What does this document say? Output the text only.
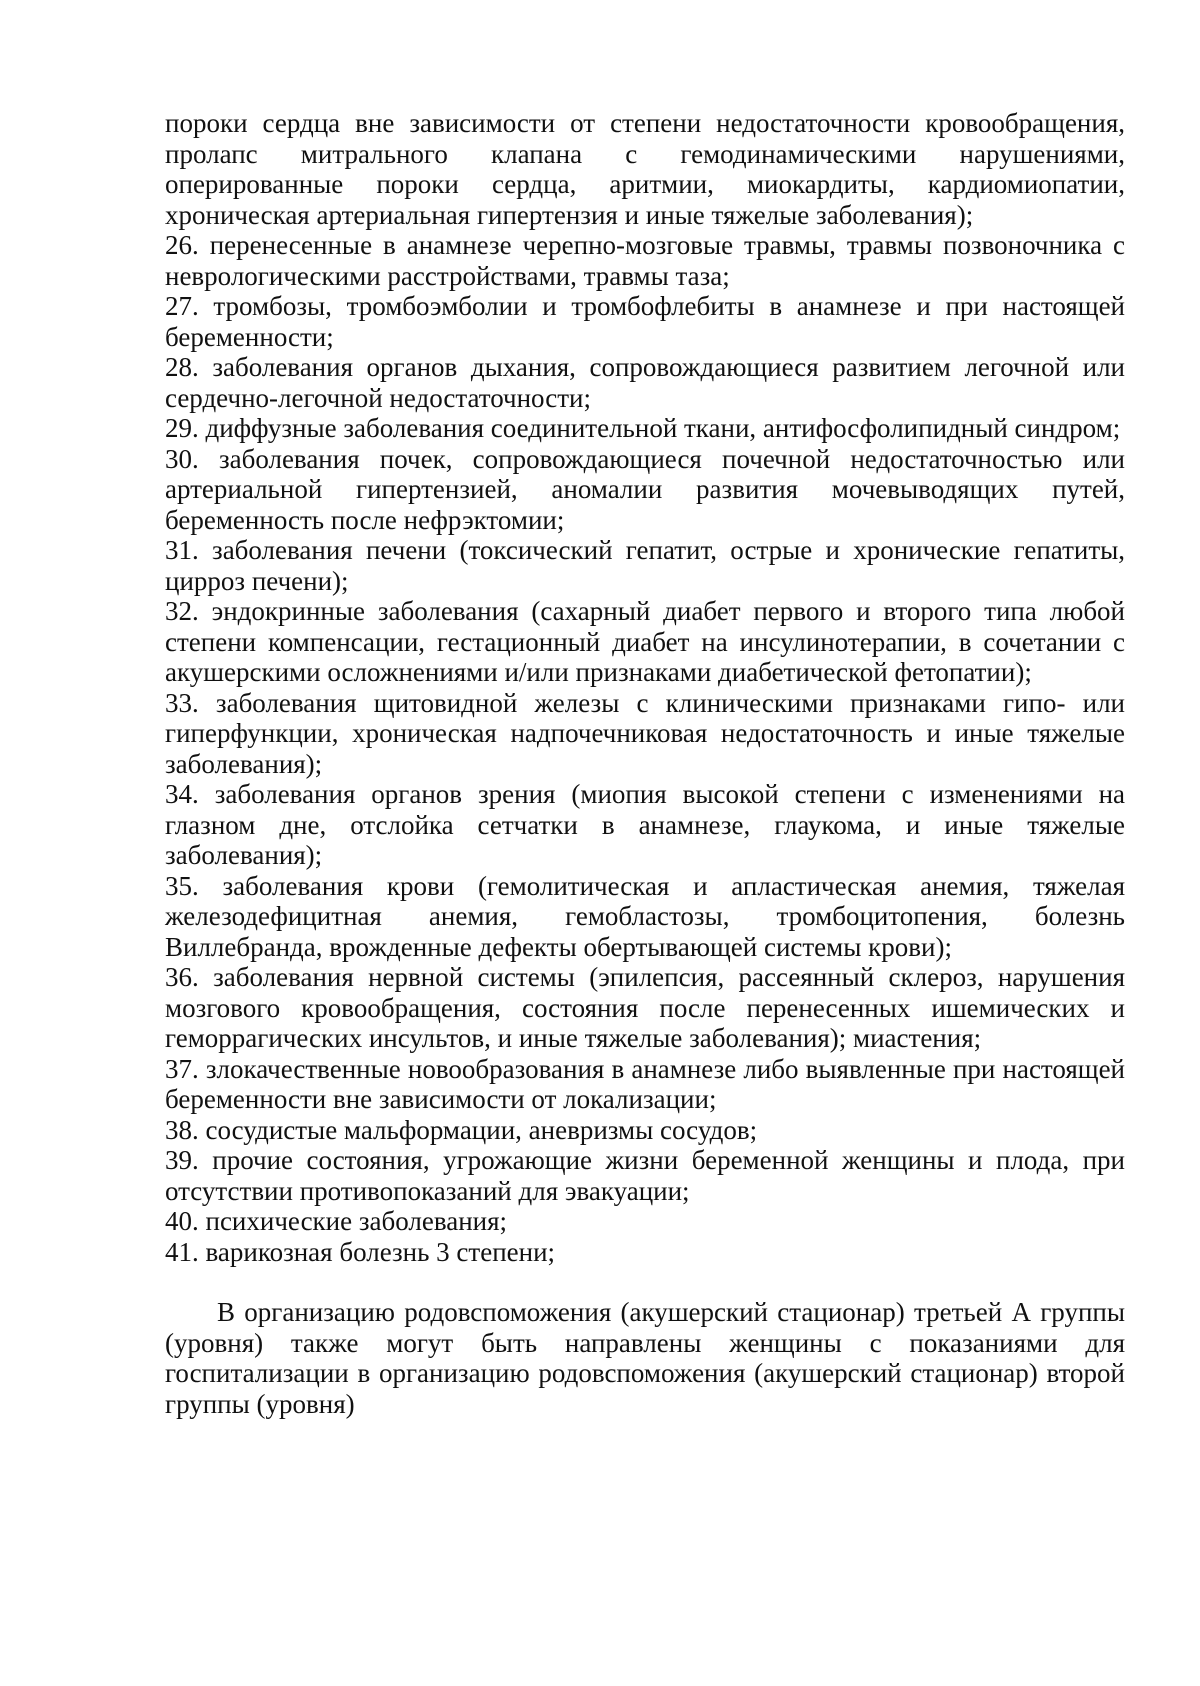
пороки сердца вне зависимости от степени недостаточности кровообращения, пролапс митрального клапана с гемодинамическими нарушениями, оперированные пороки сердца, аритмии, миокардиты, кардиомиопатии, хроническая артериальная гипертензия и иные тяжелые заболевания);

26. перенесенные в анамнезе черепно-мозговые травмы, травмы позвоночника с неврологическими расстройствами, травмы таза;

27. тромбозы, тромбоэмболии и тромбофлебиты в анамнезе и при настоящей беременности;

28. заболевания органов дыхания, сопровождающиеся развитием легочной или сердечно-легочной недостаточности;

29. диффузные заболевания соединительной ткани, антифосфолипидный синдром;

30. заболевания почек, сопровождающиеся почечной недостаточностью или артериальной гипертензией, аномалии развития мочевыводящих путей, беременность после нефрэктомии;

31. заболевания печени (токсический гепатит, острые и хронические гепатиты, цирроз печени);

32. эндокринные заболевания (сахарный диабет первого и второго типа любой степени компенсации, гестационный диабет на инсулинотерапии, в сочетании с акушерскими осложнениями и/или признаками диабетической фетопатии);

33. заболевания щитовидной железы с клиническими признаками гипо- или гиперфункции, хроническая надпочечниковая недостаточность и иные тяжелые заболевания);

34. заболевания органов зрения (миопия высокой степени с изменениями на глазном дне, отслойка сетчатки в анамнезе, глаукома, и иные тяжелые заболевания);

35. заболевания крови (гемолитическая и апластическая анемия, тяжелая железодефицитная анемия, гемобластозы, тромбоцитопения, болезнь Виллебранда, врожденные дефекты обертывающей системы крови);

36. заболевания нервной системы (эпилепсия, рассеянный склероз, нарушения мозгового кровообращения, состояния после перенесенных ишемических и геморрагических инсультов, и иные тяжелые заболевания); миастения;

37. злокачественные новообразования в анамнезе либо выявленные при настоящей беременности вне зависимости от локализации;

38. сосудистые мальформации, аневризмы сосудов;

39. прочие состояния, угрожающие жизни беременной женщины и плода, при отсутствии противопоказаний для эвакуации;

40. психические заболевания;

41. варикозная болезнь 3 степени;

В организацию родовспоможения (акушерский стационар) третьей А группы (уровня) также могут быть направлены женщины с показаниями для госпитализации в организацию родовспоможения (акушерский стационар) второй группы (уровня)
